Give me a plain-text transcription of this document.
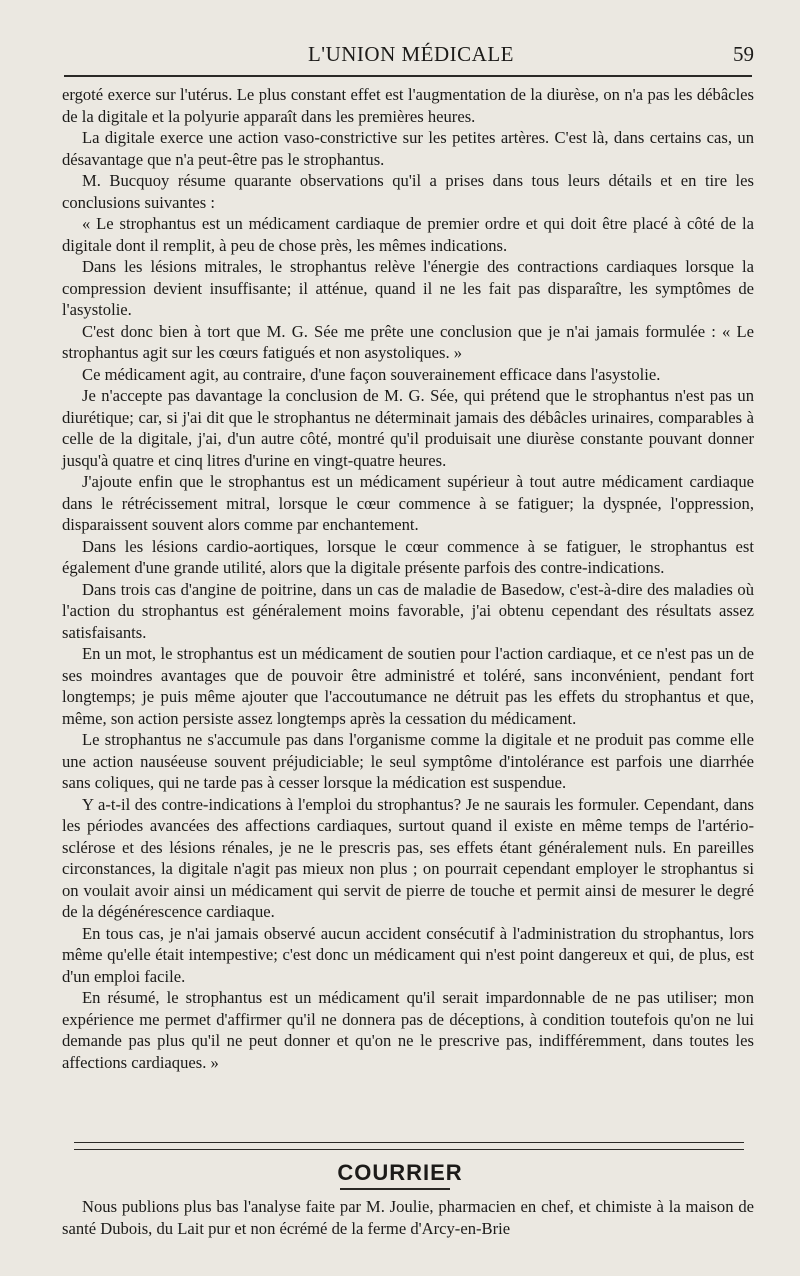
L'UNION MÉDICALE	59

ergoté exerce sur l'utérus. Le plus constant effet est l'augmentation de la diurèse, on n'a pas les débâcles de la digitale et la polyurie apparaît dans les premières heures.

La digitale exerce une action vaso-constrictive sur les petites artères. C'est là, dans certains cas, un désavantage que n'a peut-être pas le strophantus.

M. Bucquoy résume quarante observations qu'il a prises dans tous leurs détails et en tire les conclusions suivantes :

« Le strophantus est un médicament cardiaque de premier ordre et qui doit être placé à côté de la digitale dont il remplit, à peu de chose près, les mêmes indications.

Dans les lésions mitrales, le strophantus relève l'énergie des contractions cardiaques lorsque la compression devient insuffisante; il atténue, quand il ne les fait pas disparaître, les symptômes de l'asystolie.

C'est donc bien à tort que M. G. Sée me prête une conclusion que je n'ai jamais formulée : « Le strophantus agit sur les cœurs fatigués et non asystoliques. »

Ce médicament agit, au contraire, d'une façon souverainement efficace dans l'asystolie.

Je n'accepte pas davantage la conclusion de M. G. Sée, qui prétend que le strophantus n'est pas un diurétique; car, si j'ai dit que le strophantus ne déterminait jamais des débâcles urinaires, comparables à celle de la digitale, j'ai, d'un autre côté, montré qu'il produisait une diurèse constante pouvant donner jusqu'à quatre et cinq litres d'urine en vingt-quatre heures.

J'ajoute enfin que le strophantus est un médicament supérieur à tout autre médicament cardiaque dans le rétrécissement mitral, lorsque le cœur commence à se fatiguer; la dyspnée, l'oppression, disparaissent souvent alors comme par enchantement.

Dans les lésions cardio-aortiques, lorsque le cœur commence à se fatiguer, le strophantus est également d'une grande utilité, alors que la digitale présente parfois des contre-indications.

Dans trois cas d'angine de poitrine, dans un cas de maladie de Basedow, c'est-à-dire des maladies où l'action du strophantus est généralement moins favorable, j'ai obtenu cependant des résultats assez satisfaisants.

En un mot, le strophantus est un médicament de soutien pour l'action cardiaque, et ce n'est pas un de ses moindres avantages que de pouvoir être administré et toléré, sans inconvénient, pendant fort longtemps; je puis même ajouter que l'accoutumance ne détruit pas les effets du strophantus et que, même, son action persiste assez longtemps après la cessation du médicament.

Le strophantus ne s'accumule pas dans l'organisme comme la digitale et ne produit pas comme elle une action nauséeuse souvent préjudiciable; le seul symptôme d'intolérance est parfois une diarrhée sans coliques, qui ne tarde pas à cesser lorsque la médication est suspendue.

Y a-t-il des contre-indications à l'emploi du strophantus? Je ne saurais les formuler. Cependant, dans les périodes avancées des affections cardiaques, surtout quand il existe en même temps de l'artério-sclérose et des lésions rénales, je ne le prescris pas, ses effets étant généralement nuls. En pareilles circonstances, la digitale n'agit pas mieux non plus ; on pourrait cependant employer le strophantus si on voulait avoir ainsi un médicament qui servit de pierre de touche et permit ainsi de mesurer le degré de la dégénérescence cardiaque.

En tous cas, je n'ai jamais observé aucun accident consécutif à l'administration du strophantus, lors même qu'elle était intempestive; c'est donc un médicament qui n'est point dangereux et qui, de plus, est d'un emploi facile.

En résumé, le strophantus est un médicament qu'il serait impardonnable de ne pas utiliser; mon expérience me permet d'affirmer qu'il ne donnera pas de déceptions, à condition toutefois qu'on ne lui demande pas plus qu'il ne peut donner et qu'on ne le prescrive pas, indifféremment, dans toutes les affections cardiaques. »

COURRIER

Nous publions plus bas l'analyse faite par M. Joulie, pharmacien en chef, et chimiste à la maison de santé Dubois, du Lait pur et non écrémé de la ferme d'Arcy-en-Brie
